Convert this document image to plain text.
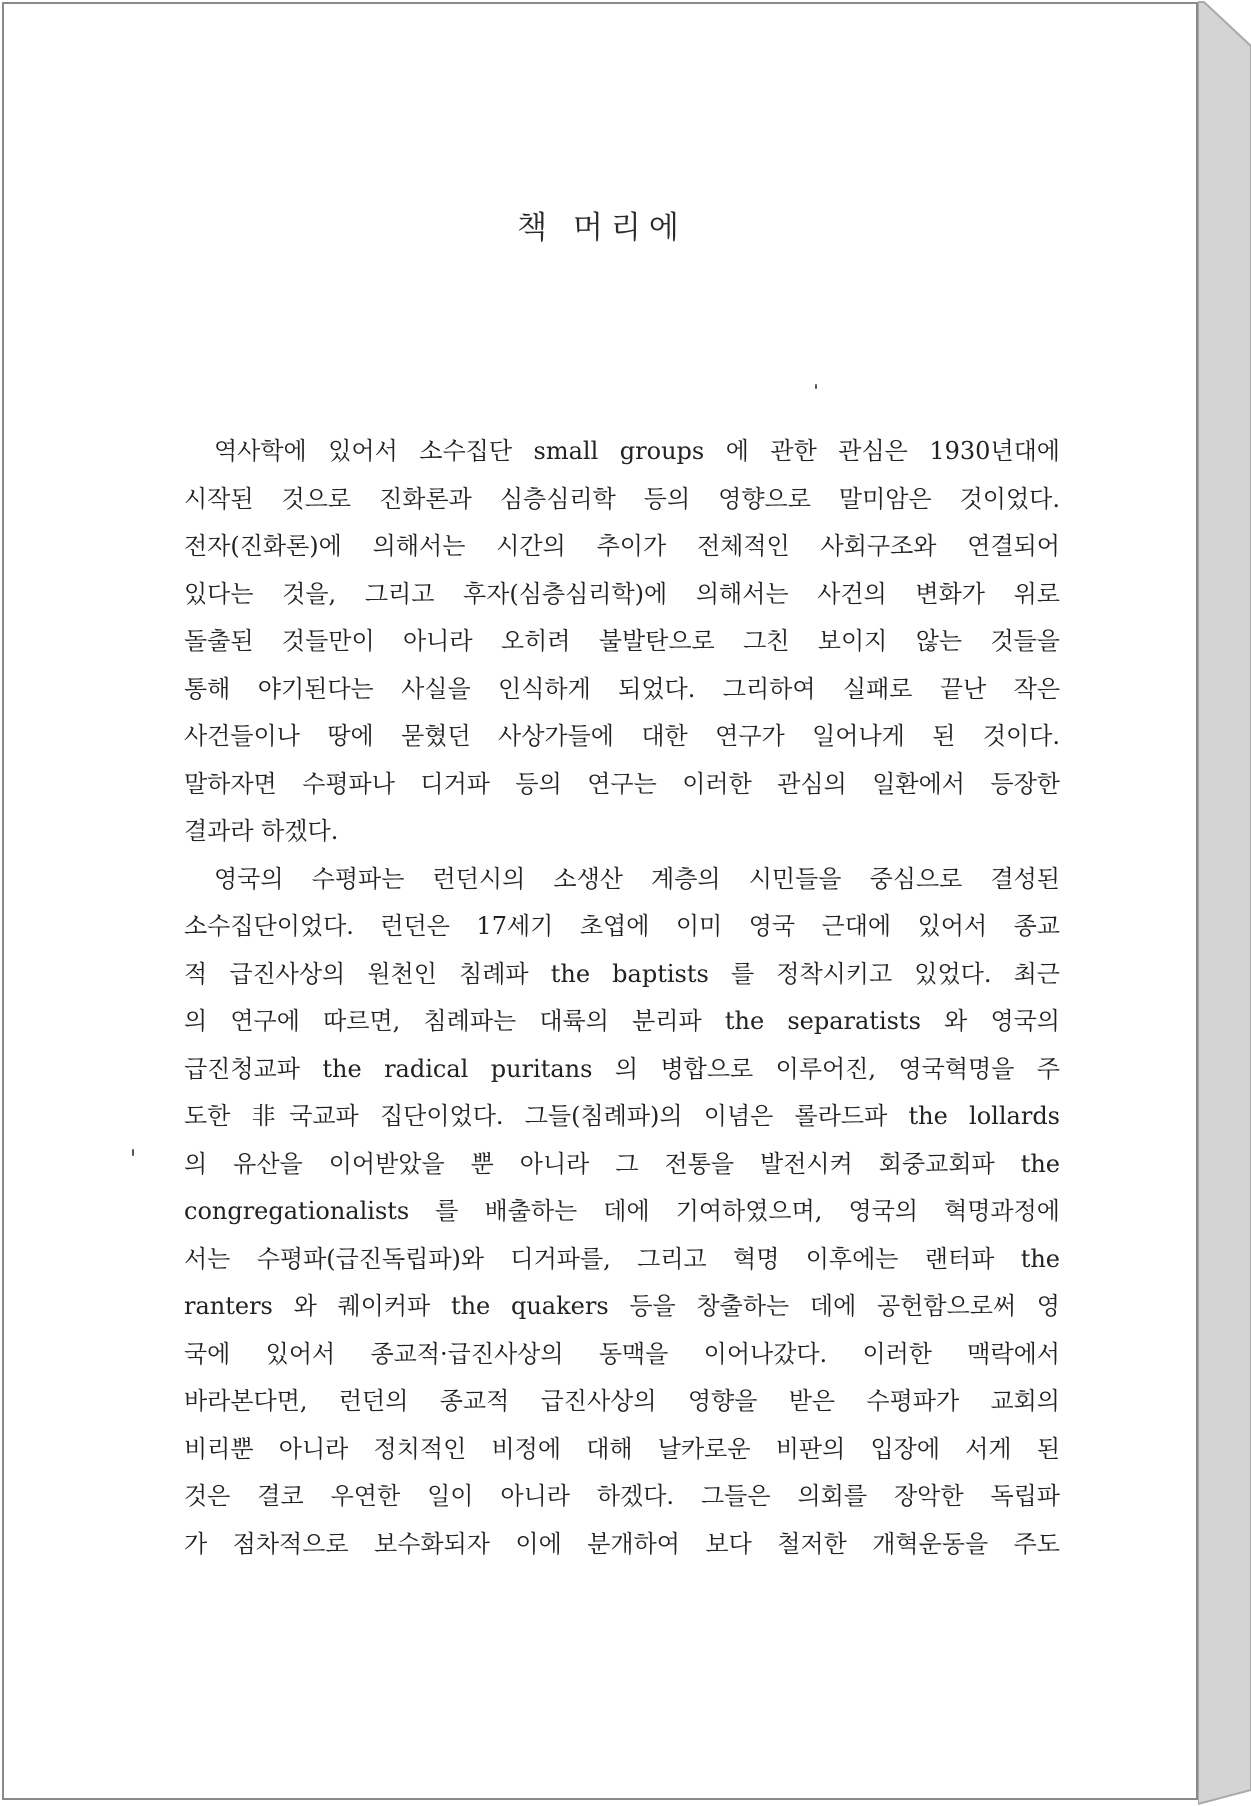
책 머리에
역사학에 있어서 소수집단 small groups 에 관한 관심은 1930년대에
시작된 것으로 진화론과 심층심리학 등의 영향으로 말미암은 것이었다.
전자(진화론)에 의해서는 시간의 추이가 전체적인 사회구조와 연결되어
있다는 것을, 그리고 후자(심층심리학)에 의해서는 사건의 변화가 위로
돌출된 것들만이 아니라 오히려 불발탄으로 그친 보이지 않는 것들을
통해 야기된다는 사실을 인식하게 되었다. 그리하여 실패로 끝난 작은
사건들이나 땅에 묻혔던 사상가들에 대한 연구가 일어나게 된 것이다.
말하자면 수평파나 디거파 등의 연구는 이러한 관심의 일환에서 등장한
결과라 하겠다.
영국의 수평파는 런던시의 소생산 계층의 시민들을 중심으로 결성된
소수집단이었다. 런던은 17세기 초엽에 이미 영국 근대에 있어서 종교
적 급진사상의 원천인 침례파 the baptists 를 정착시키고 있었다. 최근
의 연구에 따르면, 침례파는 대륙의 분리파 the separatists 와 영국의
급진청교파 the radical puritans 의 병합으로 이루어진, 영국혁명을 주
도한 非국교파 집단이었다. 그들(침례파)의 이념은 롤라드파 the lollards
의 유산을 이어받았을 뿐 아니라 그 전통을 발전시켜 회중교회파 the
congregationalists 를 배출하는 데에 기여하였으며, 영국의 혁명과정에
서는 수평파(급진독립파)와 디거파를, 그리고 혁명 이후에는 랜터파 the
ranters 와 퀘이커파 the quakers 등을 창출하는 데에 공헌함으로써 영
국에 있어서 종교적·급진사상의 동맥을 이어나갔다. 이러한 맥락에서
바라본다면, 런던의 종교적 급진사상의 영향을 받은 수평파가 교회의
비리뿐 아니라 정치적인 비정에 대해 날카로운 비판의 입장에 서게 된
것은 결코 우연한 일이 아니라 하겠다. 그들은 의회를 장악한 독립파
가 점차적으로 보수화되자 이에 분개하여 보다 철저한 개혁운동을 주도
